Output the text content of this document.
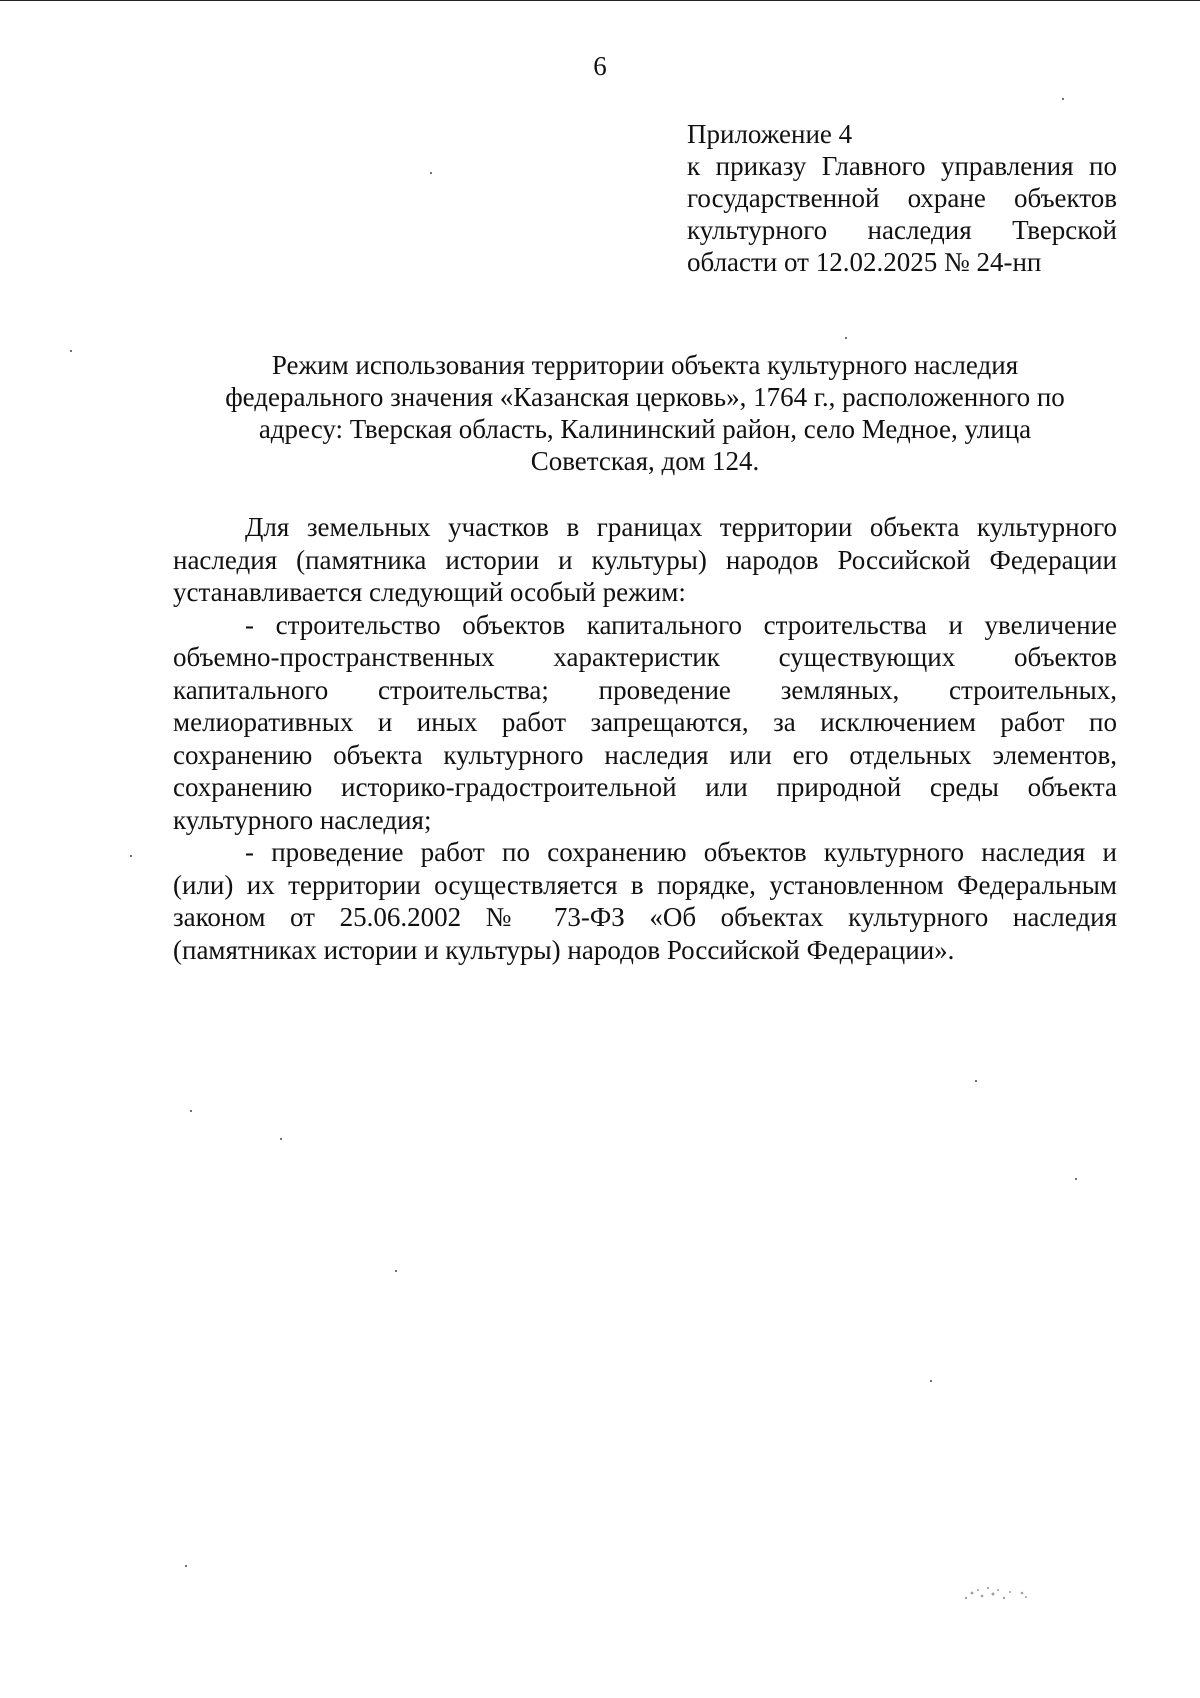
6
Приложение 4
к приказу Главного управления по
государственной охране объектов
культурного наследия Тверской
области от 12.02.2025 № 24-нп
Режим использования территории объекта культурного наследия
федерального значения «Казанская церковь», 1764 г., расположенного по
адресу: Тверская область, Калининский район, село Медное, улица
Советская, дом 124.
Для земельных участков в границах территории объекта культурного
наследия (памятника истории и культуры) народов Российской Федерации
устанавливается следующий особый режим:
- строительство объектов капитального строительства и увеличение
объемно-пространственных характеристик существующих объектов
капитального строительства; проведение земляных, строительных,
мелиоративных и иных работ запрещаются, за исключением работ по
сохранению объекта культурного наследия или его отдельных элементов,
сохранению историко-градостроительной или природной среды объекта
культурного наследия;
- проведение работ по сохранению объектов культурного наследия и
(или) их территории осуществляется в порядке, установленном Федеральным
законом от 25.06.2002 № 73-ФЗ «Об объектах культурного наследия
(памятниках истории и культуры) народов Российской Федерации».
